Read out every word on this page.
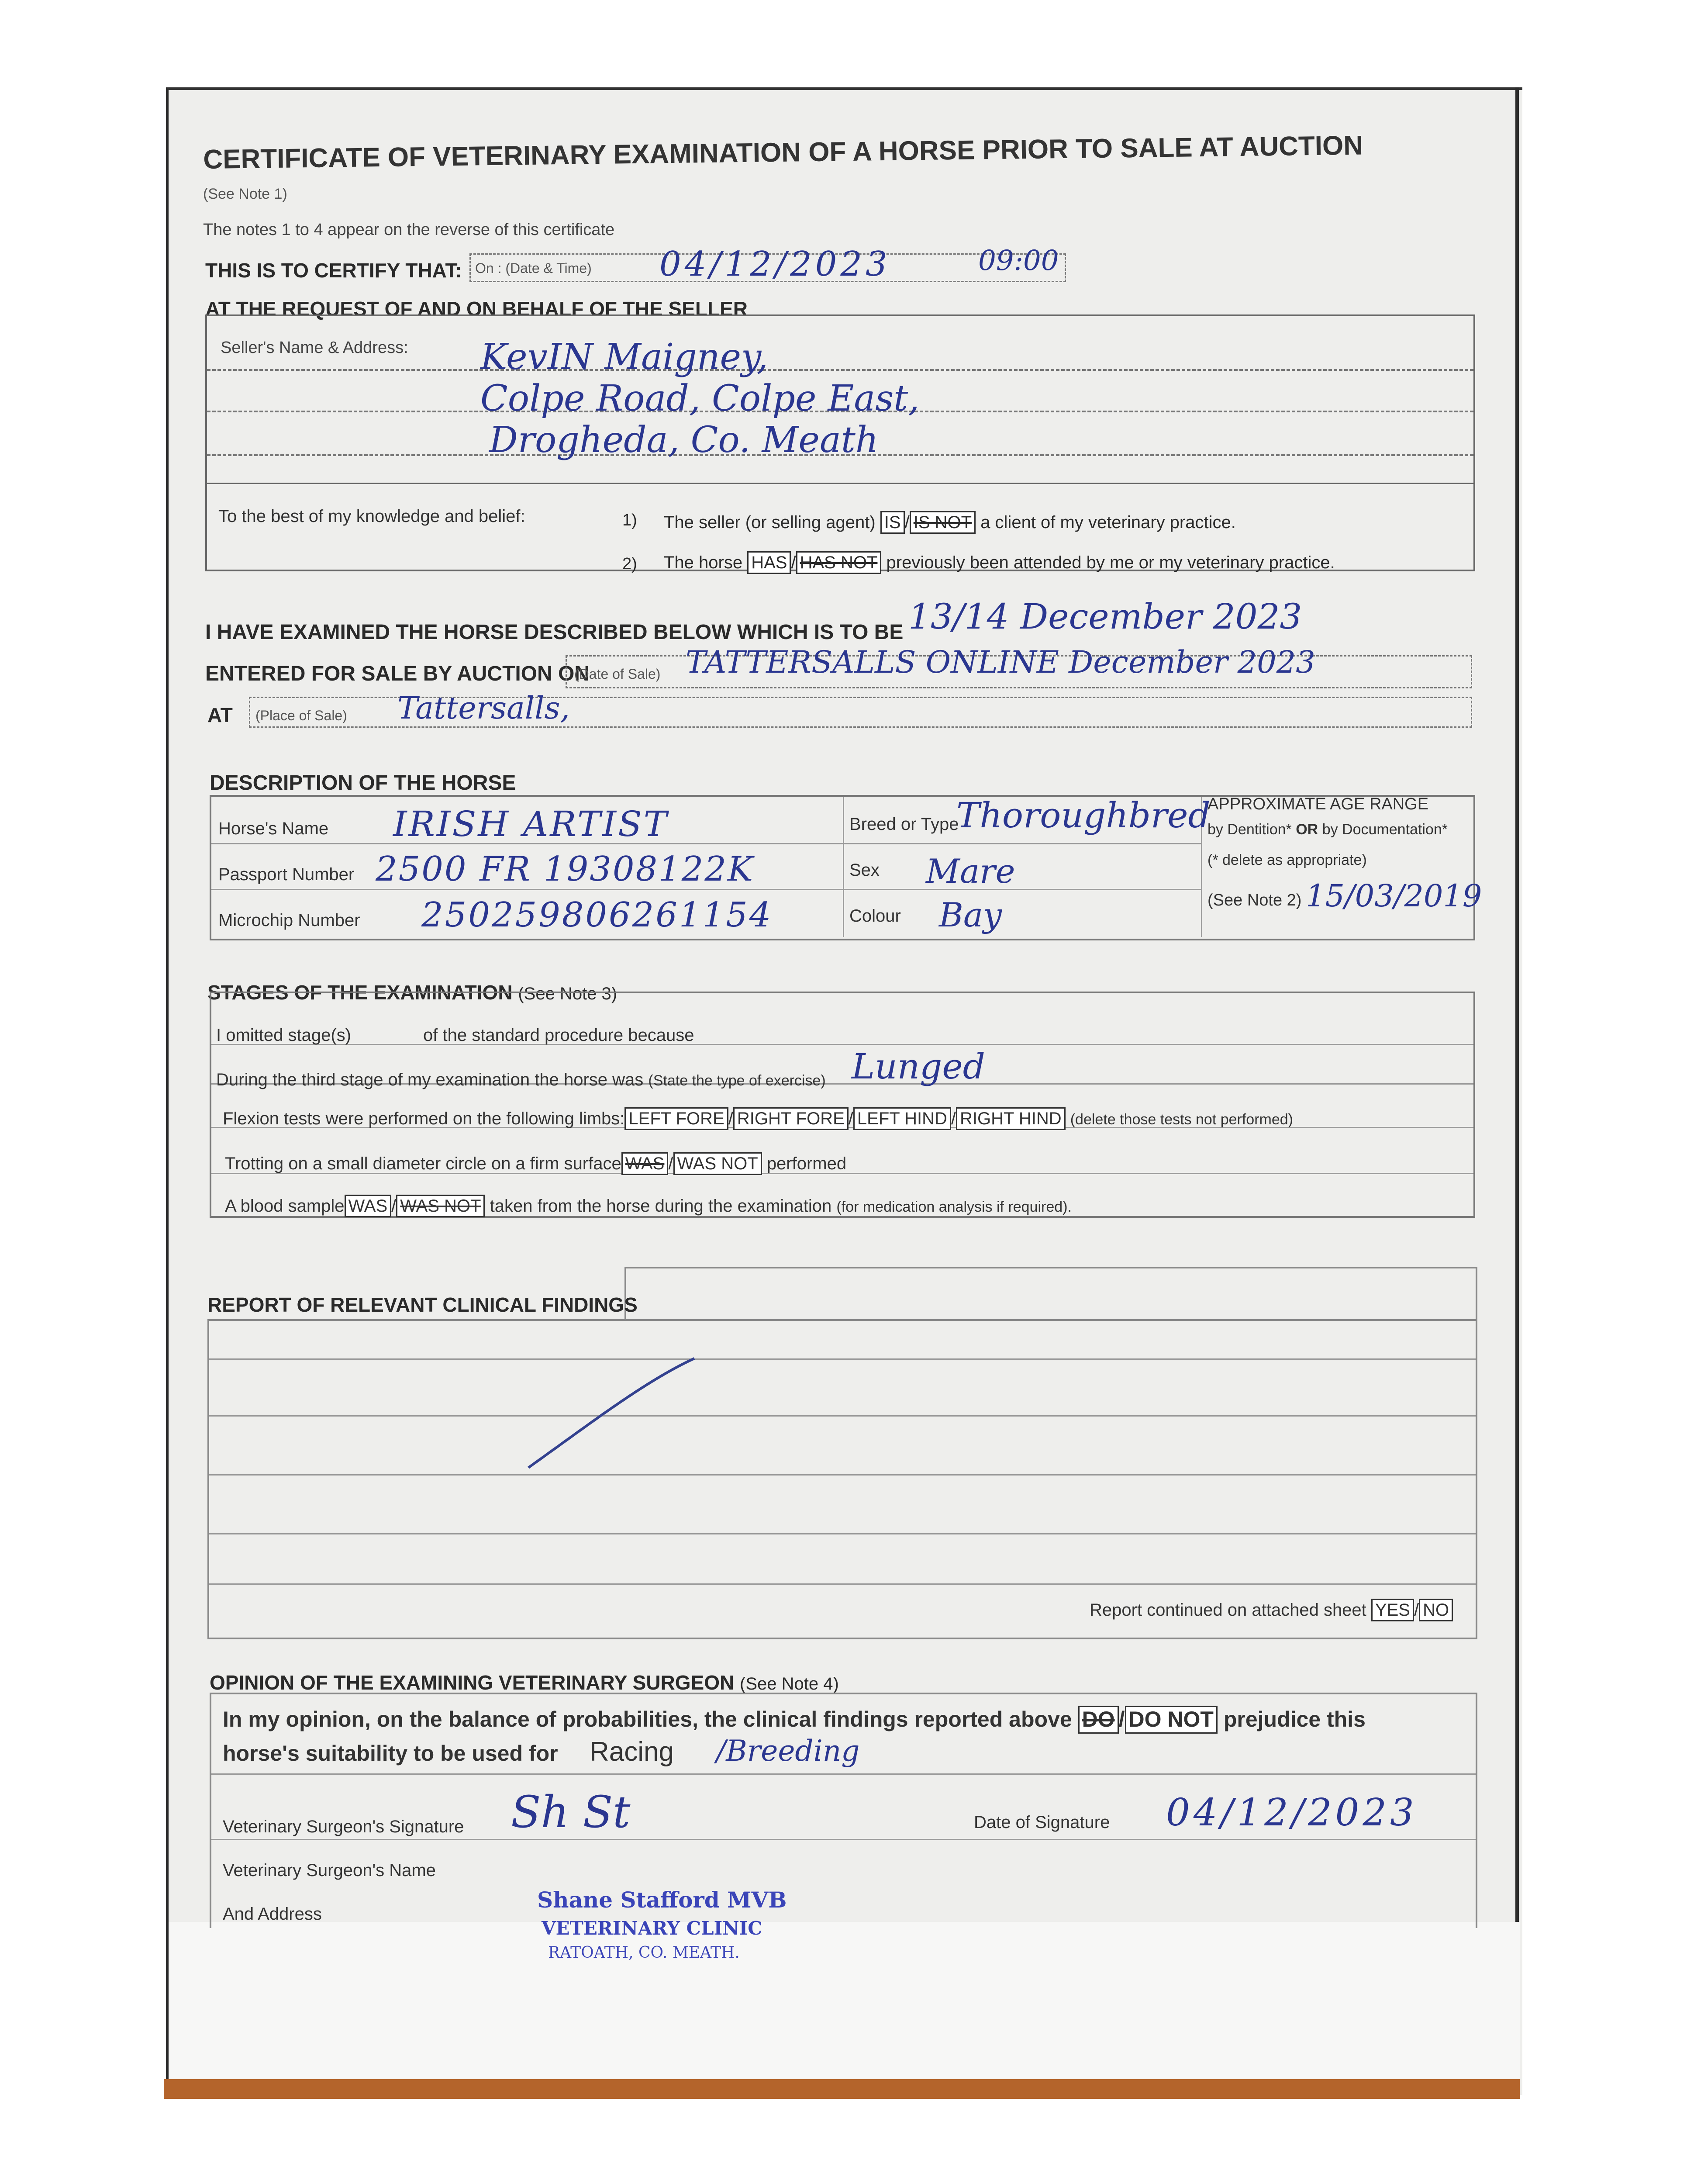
CERTIFICATE OF VETERINARY EXAMINATION OF A HORSE PRIOR TO SALE AT AUCTION
(See Note 1)
The notes 1 to 4 appear on the reverse of this certificate
THIS IS TO CERTIFY THAT: On : (Date & Time) 04/12/2023	09:00
AT THE REQUEST OF AND ON BEHALF OF THE SELLER
Seller's Name & Address: KevIN Maigney,
Colpe Road, Colpe East,
Drogheda, Co. Meath
To the best of my knowledge and belief:	1) The seller (or selling agent) IS / IS NOT a client of my veterinary practice.
2) The horse HAS / HAS NOT previously been attended by me or my veterinary practice.
I HAVE EXAMINED THE HORSE DESCRIBED BELOW WHICH IS TO BE 13/14 December 2023
ENTERED FOR SALE BY AUCTION ON
(Date of Sale) TATTERSALLS ONLINE December 2023
AT (Place of Sale) Tattersalls,
DESCRIPTION OF THE HORSE
Horse's Name IRISH ARTIST
Passport Number 2500 FR 19308122K
Microchip Number 250259806261154
Breed or Type
Thoroughbred
Sex Mare
Colour Bay
APPROXIMATE AGE RANGE
by Dentition* OR by Documentation*
(* delete as appropriate)
(See Note 2) 15/03/2019
STAGES OF THE EXAMINATION (See Note 3)
I omitted stage(s)	of the standard procedure because
During the third stage of my examination the horse was (State the type of exercise) Lunged
Flexion tests were performed on the following limbs: LEFT FORE / RIGHT FORE / LEFT HIND / RIGHT HIND (delete those tests not performed)
Trotting on a small diameter circle on a firm surface WAS / WAS NOT performed
A blood sample WAS / WAS NOT taken from the horse during the examination (for medication analysis if required).
REPORT OF RELEVANT CLINICAL FINDINGS
Report continued on attached sheet YES / NO
OPINION OF THE EXAMINING VETERINARY SURGEON (See Note 4)
In my opinion, on the balance of probabilities, the clinical findings reported above DO / DO NOT prejudice this
horse's suitability to be used for Racing /Breeding
Veterinary Surgeon's Signature Sh St	Date of Signature 04/12/2023
Veterinary Surgeon's Name
And Address
Shane Stafford MVB
VETERINARY CLINIC
RATOATH, CO. MEATH.
